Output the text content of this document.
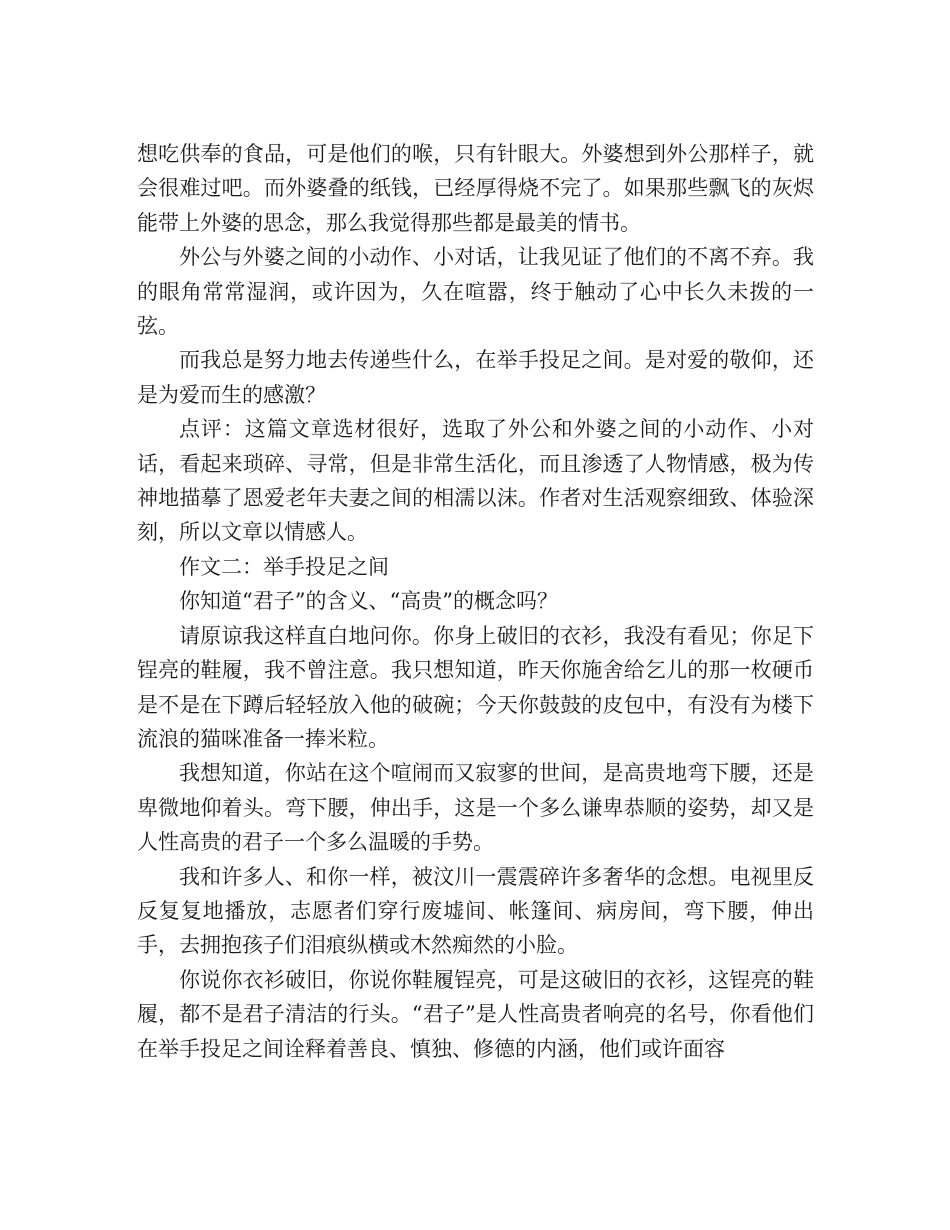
想吃供奉的食品，可是他们的喉，只有针眼大。外婆想到外公那样子，就会很难过吧。而外婆叠的纸钱，已经厚得烧不完了。如果那些飘飞的灰烬能带上外婆的思念，那么我觉得那些都是最美的情书。

外公与外婆之间的小动作、小对话，让我见证了他们的不离不弃。我的眼角常常湿润，或许因为，久在喧嚣，终于触动了心中长久未拨的一弦。

而我总是努力地去传递些什么，在举手投足之间。是对爱的敬仰，还是为爱而生的感激？

点评：这篇文章选材很好，选取了外公和外婆之间的小动作、小对话，看起来琐碎、寻常，但是非常生活化，而且渗透了人物情感，极为传神地描摹了恩爱老年夫妻之间的相濡以沫。作者对生活观察细致、体验深刻，所以文章以情感人。

作文二：举手投足之间

你知道“君子”的含义、“高贵”的概念吗？

请原谅我这样直白地问你。你身上破旧的衣衫，我没有看见；你足下锃亮的鞋履，我不曾注意。我只想知道，昨天你施舍给乞儿的那一枚硬币是不是在下蹲后轻轻放入他的破碗；今天你鼓鼓的皮包中，有没有为楼下流浪的猫咪准备一捧米粒。

我想知道，你站在这个喧闹而又寂寥的世间，是高贵地弯下腰，还是卑微地仰着头。弯下腰，伸出手，这是一个多么谦卑恭顺的姿势，却又是人性高贵的君子一个多么温暖的手势。

我和许多人、和你一样，被汶川一震震碎许多奢华的念想。电视里反反复复地播放，志愿者们穿行废墟间、帐篷间、病房间，弯下腰，伸出手，去拥抱孩子们泪痕纵横或木然痴然的小脸。

你说你衣衫破旧，你说你鞋履锃亮，可是这破旧的衣衫，这锃亮的鞋履，都不是君子清洁的行头。“君子”是人性高贵者响亮的名号，你看他们在举手投足之间诠释着善良、慎独、修德的内涵，他们或许面容
